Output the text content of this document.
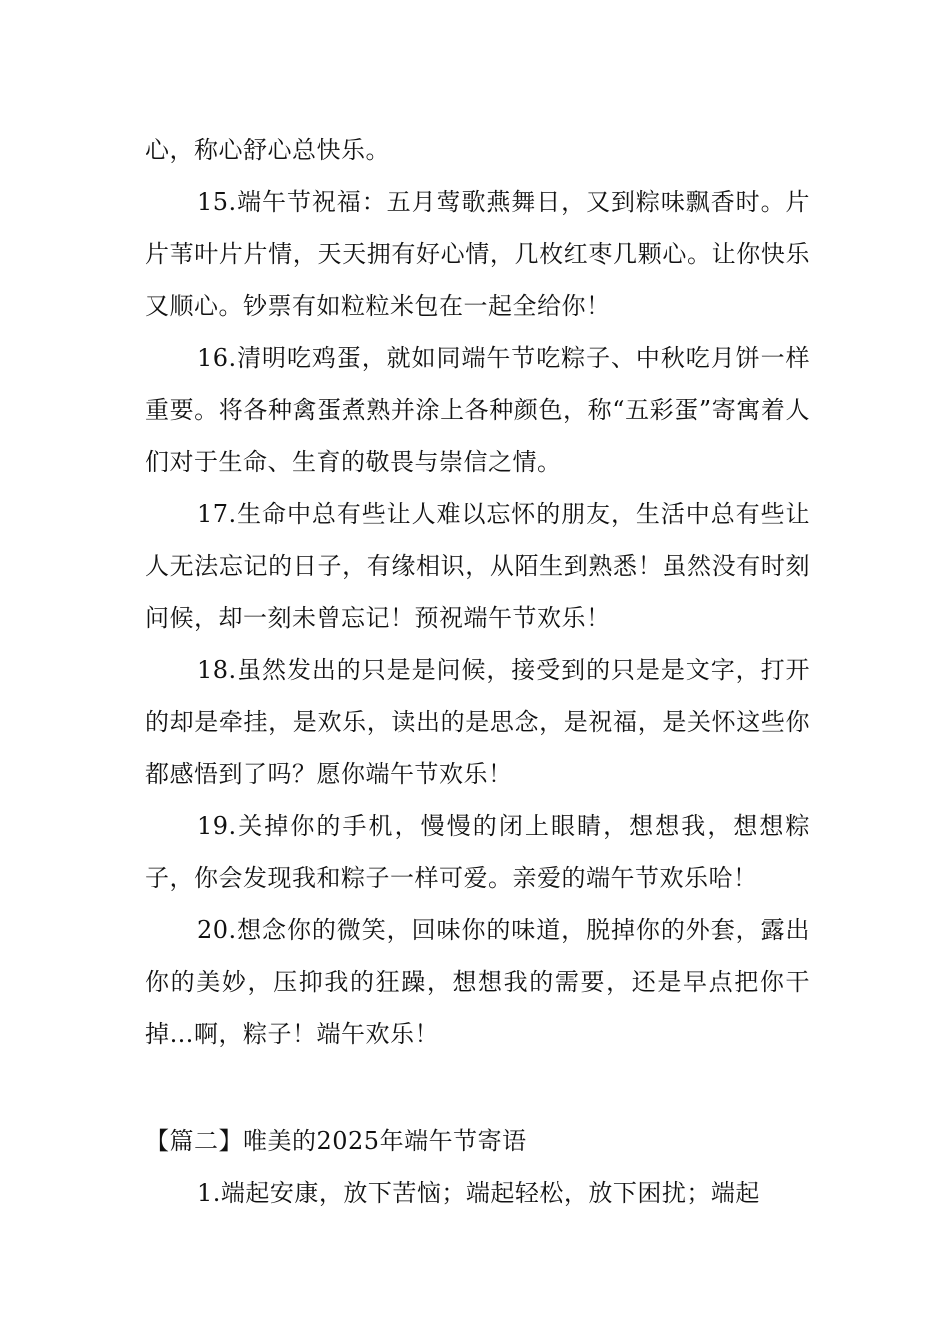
心，称心舒心总快乐。

15.端午节祝福：五月莺歌燕舞日，又到粽味飘香时。片片苇叶片片情，天天拥有好心情，几枚红枣几颗心。让你快乐又顺心。钞票有如粒粒米包在一起全给你！

16.清明吃鸡蛋，就如同端午节吃粽子、中秋吃月饼一样重要。将各种禽蛋煮熟并涂上各种颜色，称“五彩蛋”寄寓着人们对于生命、生育的敬畏与崇信之情。

17.生命中总有些让人难以忘怀的朋友，生活中总有些让人无法忘记的日子，有缘相识，从陌生到熟悉！虽然没有时刻问候，却一刻未曾忘记！预祝端午节欢乐！

18.虽然发出的只是是问候，接受到的只是是文字，打开的却是牵挂，是欢乐，读出的是思念，是祝福，是关怀这些你都感悟到了吗？愿你端午节欢乐！

19.关掉你的手机，慢慢的闭上眼睛，想想我，想想粽子，你会发现我和粽子一样可爱。亲爱的端午节欢乐哈！

20.想念你的微笑，回味你的味道，脱掉你的外套，露出你的美妙，压抑我的狂躁，想想我的需要，还是早点把你干掉…啊，粽子！端午欢乐！

【篇二】唯美的2025年端午节寄语

1.端起安康，放下苦恼；端起轻松，放下困扰；端起
